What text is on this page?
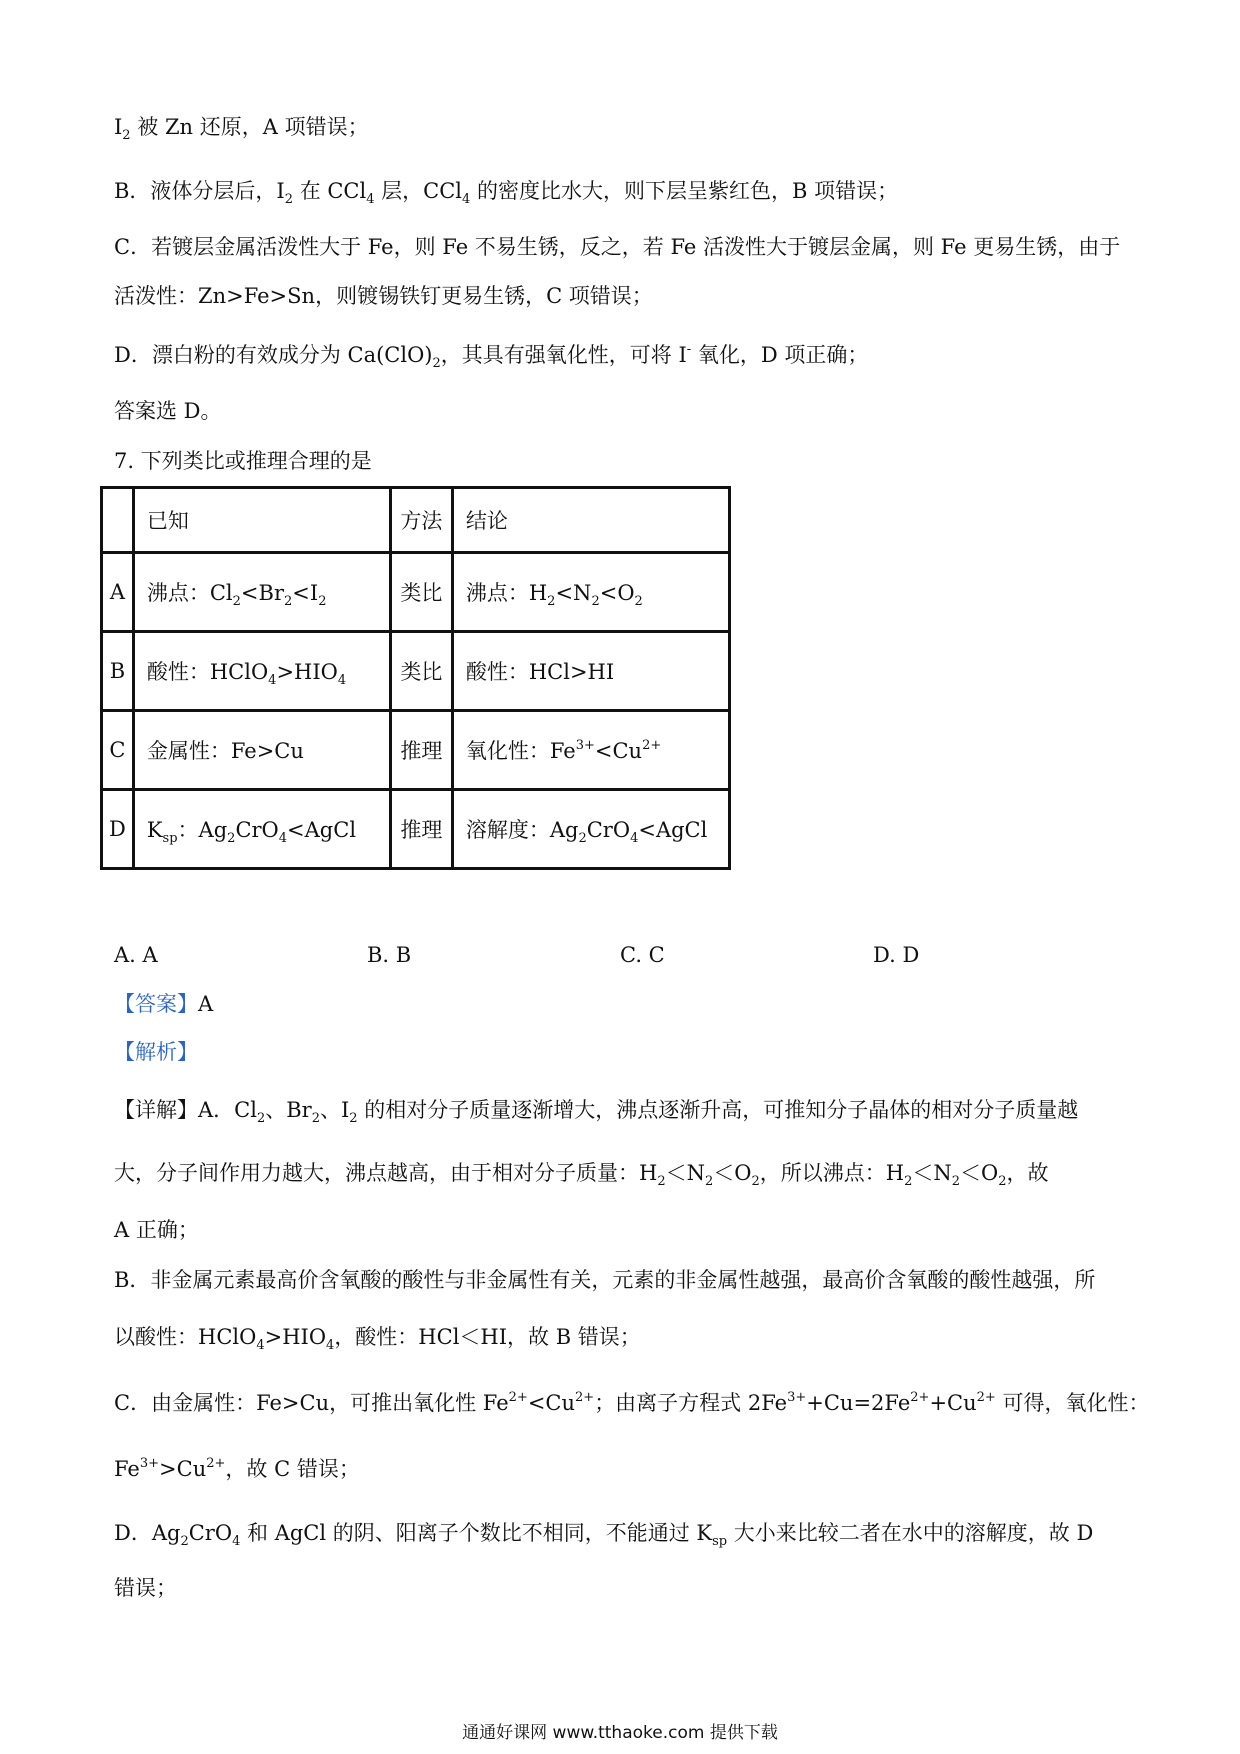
$I_2$ 被 Zn 还原，A 项错误；
B．液体分层后，$I_2$ 在 CCl$_4$ 层，CCl$_4$ 的密度比水大，则下层呈紫红色，B 项错误；
C．若镀层金属活泼性大于 Fe，则 Fe 不易生锈，反之，若 Fe 活泼性大于镀层金属，则 Fe 更易生锈，由于
活泼性：Zn>Fe>Sn，则镀锡铁钉更易生锈，C 项错误；
D．漂白粉的有效成分为 $Ca(ClO)_2$，其具有强氧化性，可将 I- 氧化，D 项正确；
答案选 D。
7. 下列类比或推理合理的是
	已知	方法	结论
A	沸点：$Cl_2<Br_2<I_2$	类比	沸点：$H_2<N_2<O_2$
B	酸性：$HClO_4>HIO_4$	类比	酸性：HCl>HI
C	金属性：Fe>Cu	推理	氧化性：$Fe^{3+}<Cu^{2+}$
D	$K_{sp}$：$Ag_2CrO_4<AgCl$	推理	溶解度：$Ag_2CrO_4<AgCl$
A. A	B. B	C. C	D. D
【答案】A
【解析】
【详解】A．$Cl_2$、$Br_2$、$I_2$ 的相对分子质量逐渐增大，沸点逐渐升高，可推知分子晶体的相对分子质量越
大，分子间作用力越大，沸点越高，由于相对分子质量：$H_2<N_2<O_2$，所以沸点：$H_2<N_2<O_2$，故
A 正确；
B．非金属元素最高价含氧酸的酸性与非金属性有关，元素的非金属性越强，最高价含氧酸的酸性越强，所
以酸性：$HClO_4>HIO_4$，酸性：HCl＜HI，故 B 错误；
C．由金属性：Fe>Cu，可推出氧化性 $Fe^{2+}<Cu^{2+}$；由离子方程式 $2Fe^{3+}+Cu=2Fe^{2+}+Cu^{2+}$ 可得，氧化性：
$Fe^{3+}>Cu^{2+}$，故 C 错误；
D．$Ag_2CrO_4$ 和 AgCl 的阴、阳离子个数比不相同，不能通过 $K_{sp}$ 大小来比较二者在水中的溶解度，故 D
错误；
通通好课网 www.tthaoke.com 提供下载
